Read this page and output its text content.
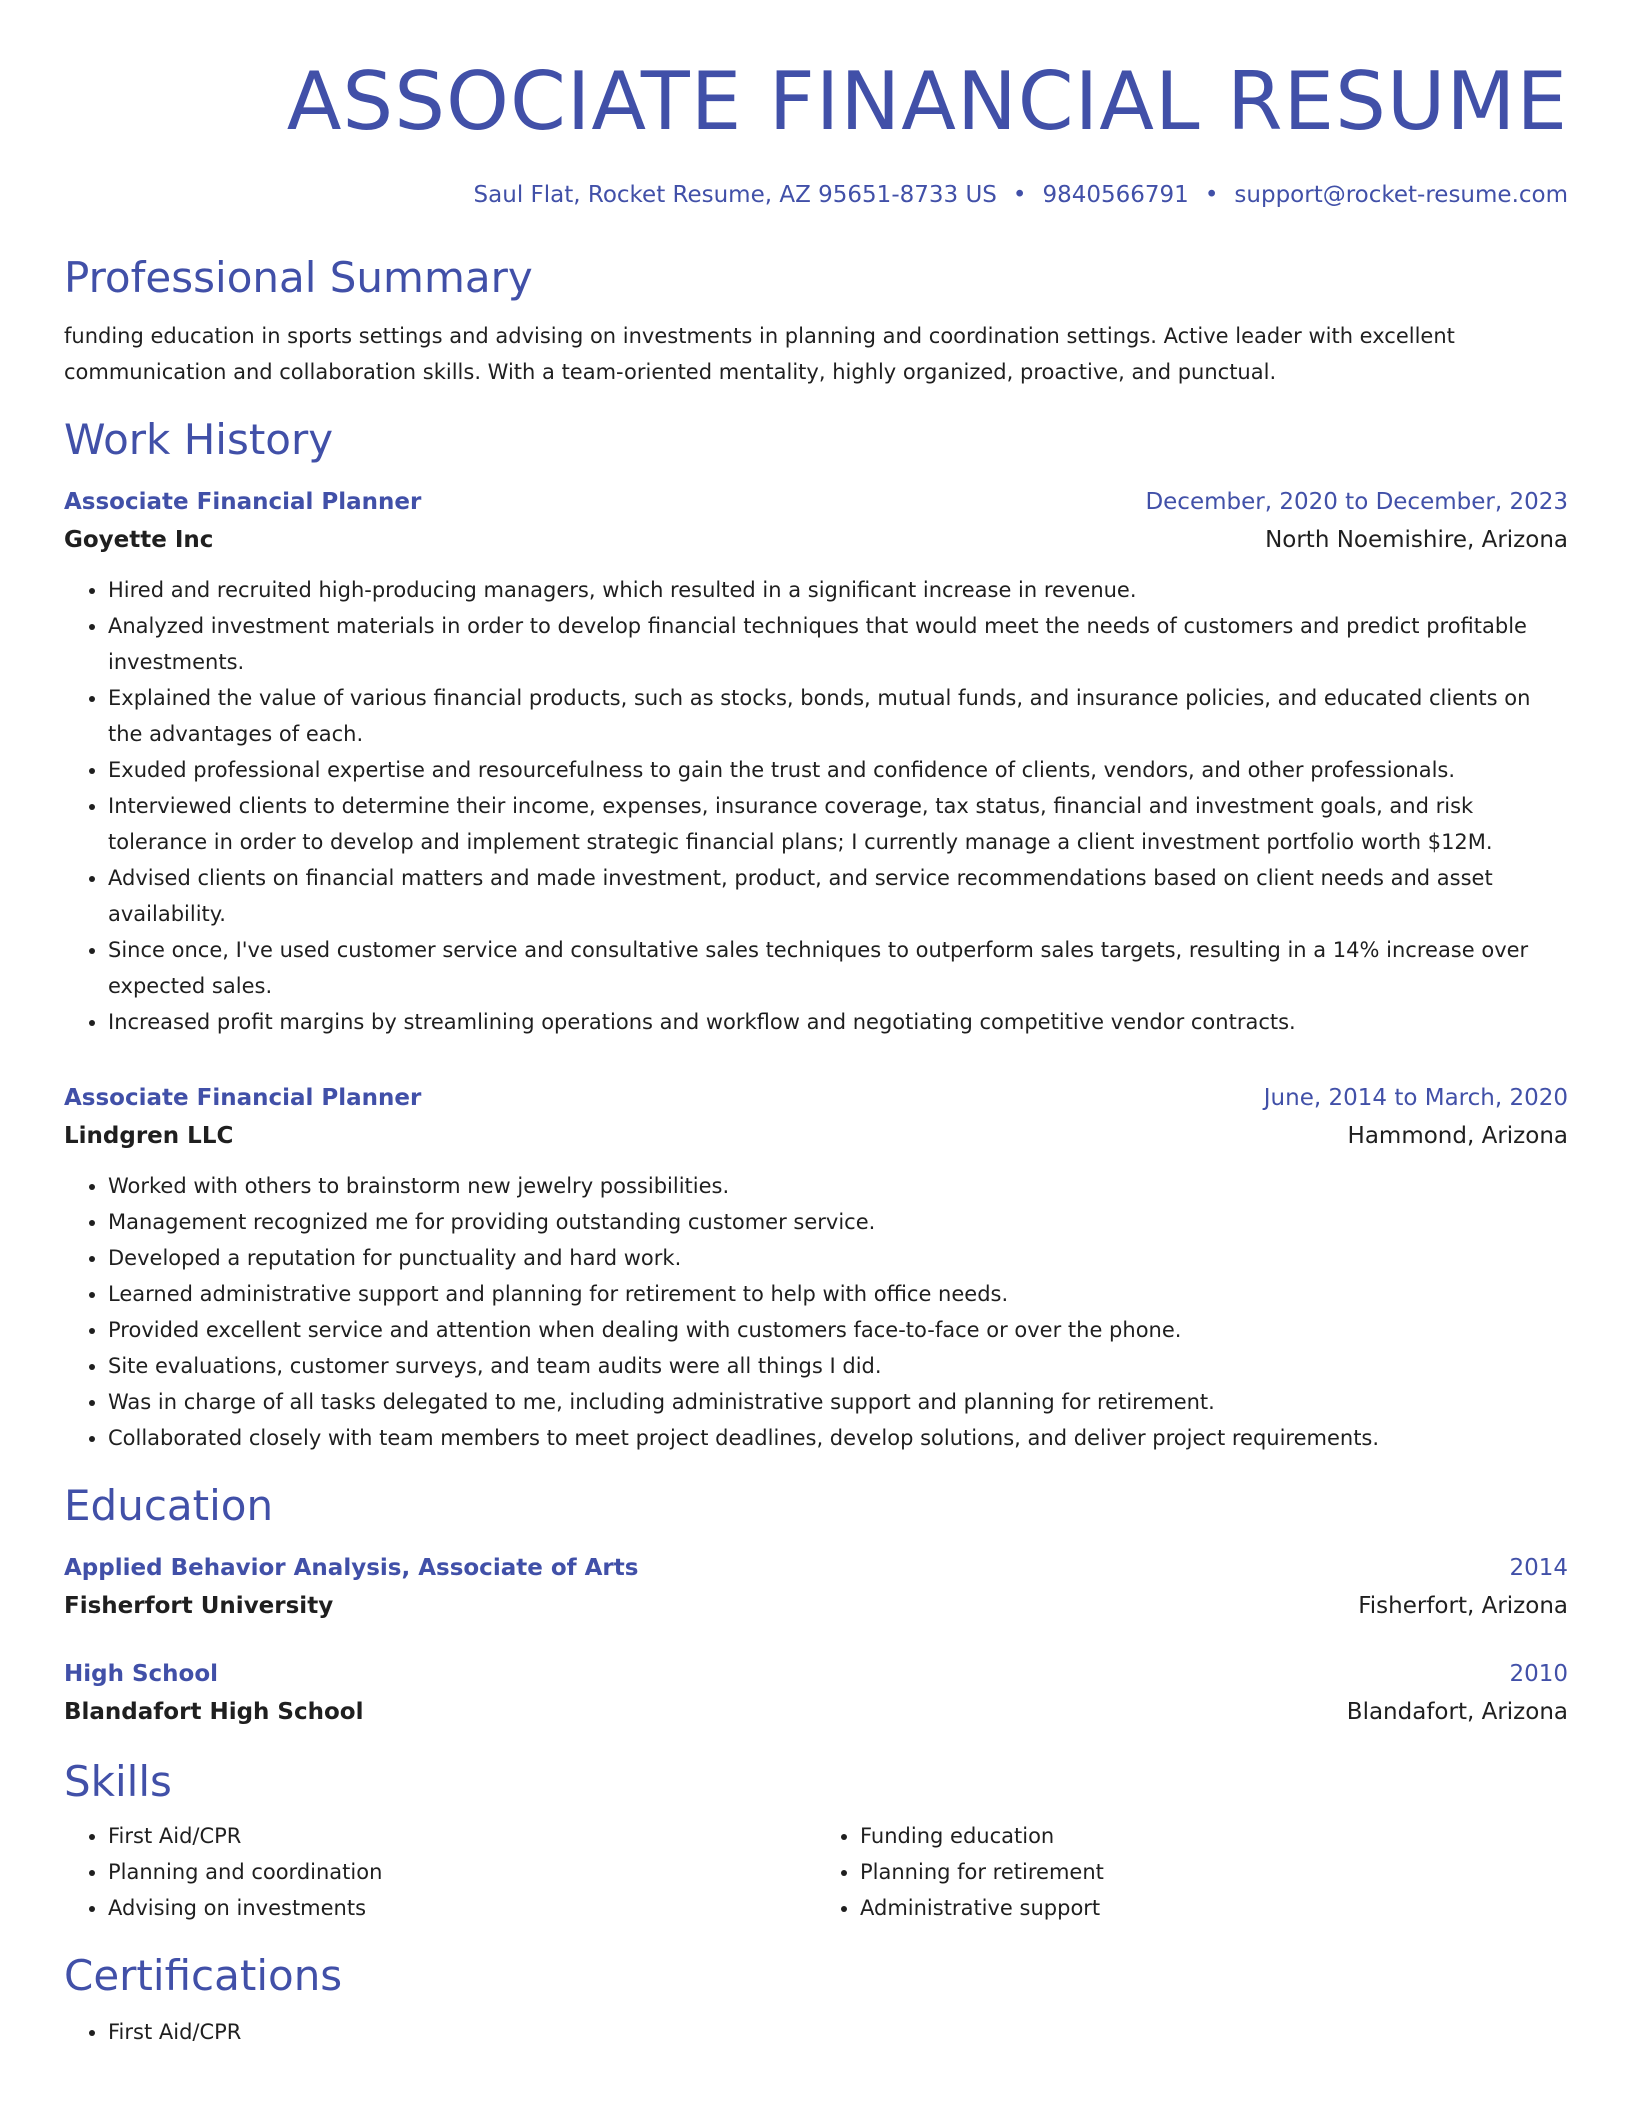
ASSOCIATE FINANCIAL RESUME
Saul Flat, Rocket Resume, AZ 95651-8733 US • 9840566791 • support@rocket-resume.com
Professional Summary
funding education in sports settings and advising on investments in planning and coordination settings. Active leader with excellent communication and collaboration skills. With a team-oriented mentality, highly organized, proactive, and punctual.
Work History
Associate Financial Planner	December, 2020 to December, 2023
Goyette Inc	North Noemishire, Arizona
• Hired and recruited high-producing managers, which resulted in a significant increase in revenue.
• Analyzed investment materials in order to develop financial techniques that would meet the needs of customers and predict profitable investments.
• Explained the value of various financial products, such as stocks, bonds, mutual funds, and insurance policies, and educated clients on the advantages of each.
• Exuded professional expertise and resourcefulness to gain the trust and confidence of clients, vendors, and other professionals.
• Interviewed clients to determine their income, expenses, insurance coverage, tax status, financial and investment goals, and risk tolerance in order to develop and implement strategic financial plans; I currently manage a client investment portfolio worth $12M.
• Advised clients on financial matters and made investment, product, and service recommendations based on client needs and asset availability.
• Since once, I've used customer service and consultative sales techniques to outperform sales targets, resulting in a 14% increase over expected sales.
• Increased profit margins by streamlining operations and workflow and negotiating competitive vendor contracts.
Associate Financial Planner	June, 2014 to March, 2020
Lindgren LLC	Hammond, Arizona
• Worked with others to brainstorm new jewelry possibilities.
• Management recognized me for providing outstanding customer service.
• Developed a reputation for punctuality and hard work.
• Learned administrative support and planning for retirement to help with office needs.
• Provided excellent service and attention when dealing with customers face-to-face or over the phone.
• Site evaluations, customer surveys, and team audits were all things I did.
• Was in charge of all tasks delegated to me, including administrative support and planning for retirement.
• Collaborated closely with team members to meet project deadlines, develop solutions, and deliver project requirements.
Education
Applied Behavior Analysis, Associate of Arts	2014
Fisherfort University	Fisherfort, Arizona
High School	2010
Blandafort High School	Blandafort, Arizona
Skills
• First Aid/CPR
• Planning and coordination
• Advising on investments
• Funding education
• Planning for retirement
• Administrative support
Certifications
• First Aid/CPR
